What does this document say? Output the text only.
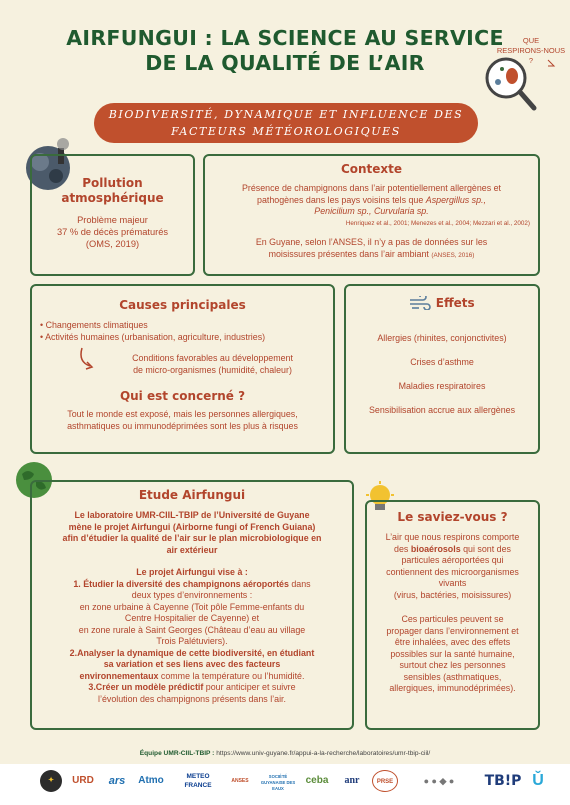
AIRFUNGUI : LA SCIENCE AU SERVICE
DE LA QUALITÉ DE L’AIR
QUE
RESPIRONS-NOUS ?
BIODIVERSITÉ, DYNAMIQUE ET INFLUENCE DES
FACTEURS MÉTÉOROLOGIQUES
Pollution
atmosphérique
Problème majeur
37 % de décès prématurés
(OMS, 2019)
Contexte
Présence de champignons dans l’air potentiellement allergènes et
pathogènes dans les pays voisins tels que Aspergillus sp.,
Penicilium sp., Curvularia sp.
Henriquez et al., 2001; Menezes et al., 2004; Mezzari et al., 2002)
En Guyane, selon l’ANSES, il n’y a pas de données sur les
moisissures présentes dans l’air ambiant (ANSES, 2016)
Causes principales
• Changements climatiques
• Activités humaines (urbanisation, agriculture, industries)
Conditions favorables au développement
de micro-organismes (humidité, chaleur)
Qui est concerné ?
Tout le monde est exposé, mais les personnes allergiques,
asthmatiques ou immunodéprimées sont les plus à risques
Effets
Allergies (rhinites, conjonctivites)
Crises d’asthme
Maladies respiratoires
Sensibilisation accrue aux allergènes
Etude Airfungui
Le laboratoire UMR-CIIL-TBIP de l’Université de Guyane
mène le projet Airfungui (Airborne fungi of French Guiana)
afin d’étudier la qualité de l’air sur le plan microbiologique en
air extérieur
Le projet Airfungui vise à :
1. Étudier la diversité des champignons aéroportés dans
deux types d’environnements :
en zone urbaine à Cayenne (Toit pôle Femme-enfants du
Centre Hospitalier de Cayenne) et
en zone rurale à Saint Georges (Château d’eau au village
Trois Palétuviers).
2.Analyser la dynamique de cette biodiversité, en étudiant
sa variation et ses liens avec des facteurs
environnementaux comme la température ou l’humidité.
3.Créer un modèle prédictif pour anticiper et suivre
l’évolution des champignons présents dans l’air.
Le saviez-vous ?
L’air que nous respirons comporte
des bioaérosols qui sont des
particules aéroportées qui
contiennent des microorganismes
vivants
(virus, bactéries, moisissures)
Ces particules peuvent se
propager dans l’environnement et
être inhalées, avec des effets
possibles sur la santé humaine,
surtout chez les personnes
sensibles (asthmatiques,
allergiques, immunodéprimées).
Équipe UMR-CIIL-TBIP : https://www.univ-guyane.fr/appui-a-la-recherche/laboratoires/umr-tbip-ciil/
✦	URD	ars	Atmo	METEO FRANCE
ANSES
SOCIÉTÉ GUYANAISE DES EAUX
ceba	anr	PRSE	● ● ◆ ●	TB!P Ǔ
